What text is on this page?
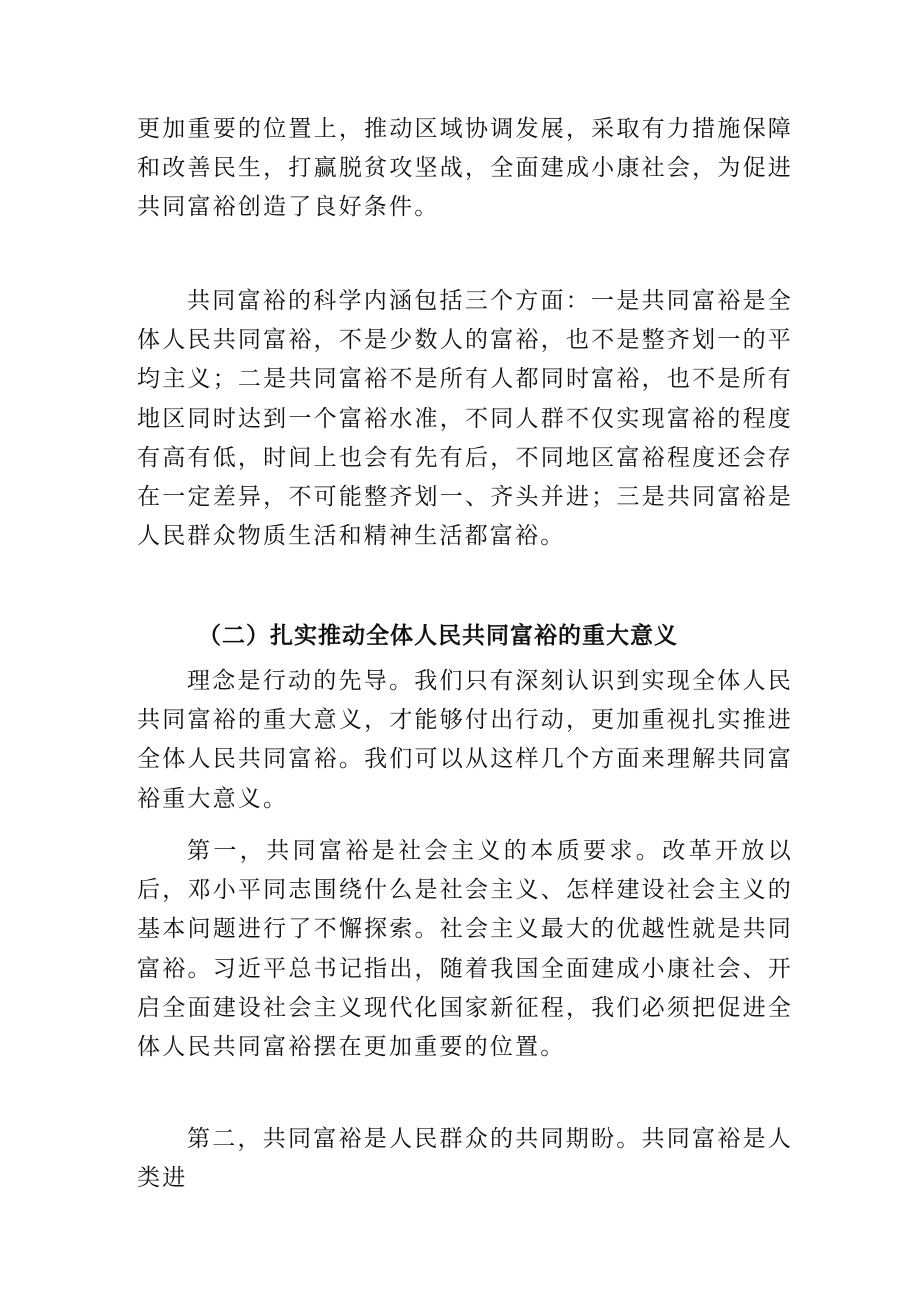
更加重要的位置上，推动区域协调发展，采取有力措施保障和改善民生，打赢脱贫攻坚战，全面建成小康社会，为促进共同富裕创造了良好条件。

共同富裕的科学内涵包括三个方面：一是共同富裕是全体人民共同富裕，不是少数人的富裕，也不是整齐划一的平均主义；二是共同富裕不是所有人都同时富裕，也不是所有地区同时达到一个富裕水准，不同人群不仅实现富裕的程度有高有低，时间上也会有先有后，不同地区富裕程度还会存在一定差异，不可能整齐划一、齐头并进；三是共同富裕是人民群众物质生活和精神生活都富裕。

（二）扎实推动全体人民共同富裕的重大意义

理念是行动的先导。我们只有深刻认识到实现全体人民共同富裕的重大意义，才能够付出行动，更加重视扎实推进全体人民共同富裕。我们可以从这样几个方面来理解共同富裕重大意义。

第一，共同富裕是社会主义的本质要求。改革开放以后，邓小平同志围绕什么是社会主义、怎样建设社会主义的基本问题进行了不懈探索。社会主义最大的优越性就是共同富裕。习近平总书记指出，随着我国全面建成小康社会、开启全面建设社会主义现代化国家新征程，我们必须把促进全体人民共同富裕摆在更加重要的位置。

第二，共同富裕是人民群众的共同期盼。共同富裕是人类进
